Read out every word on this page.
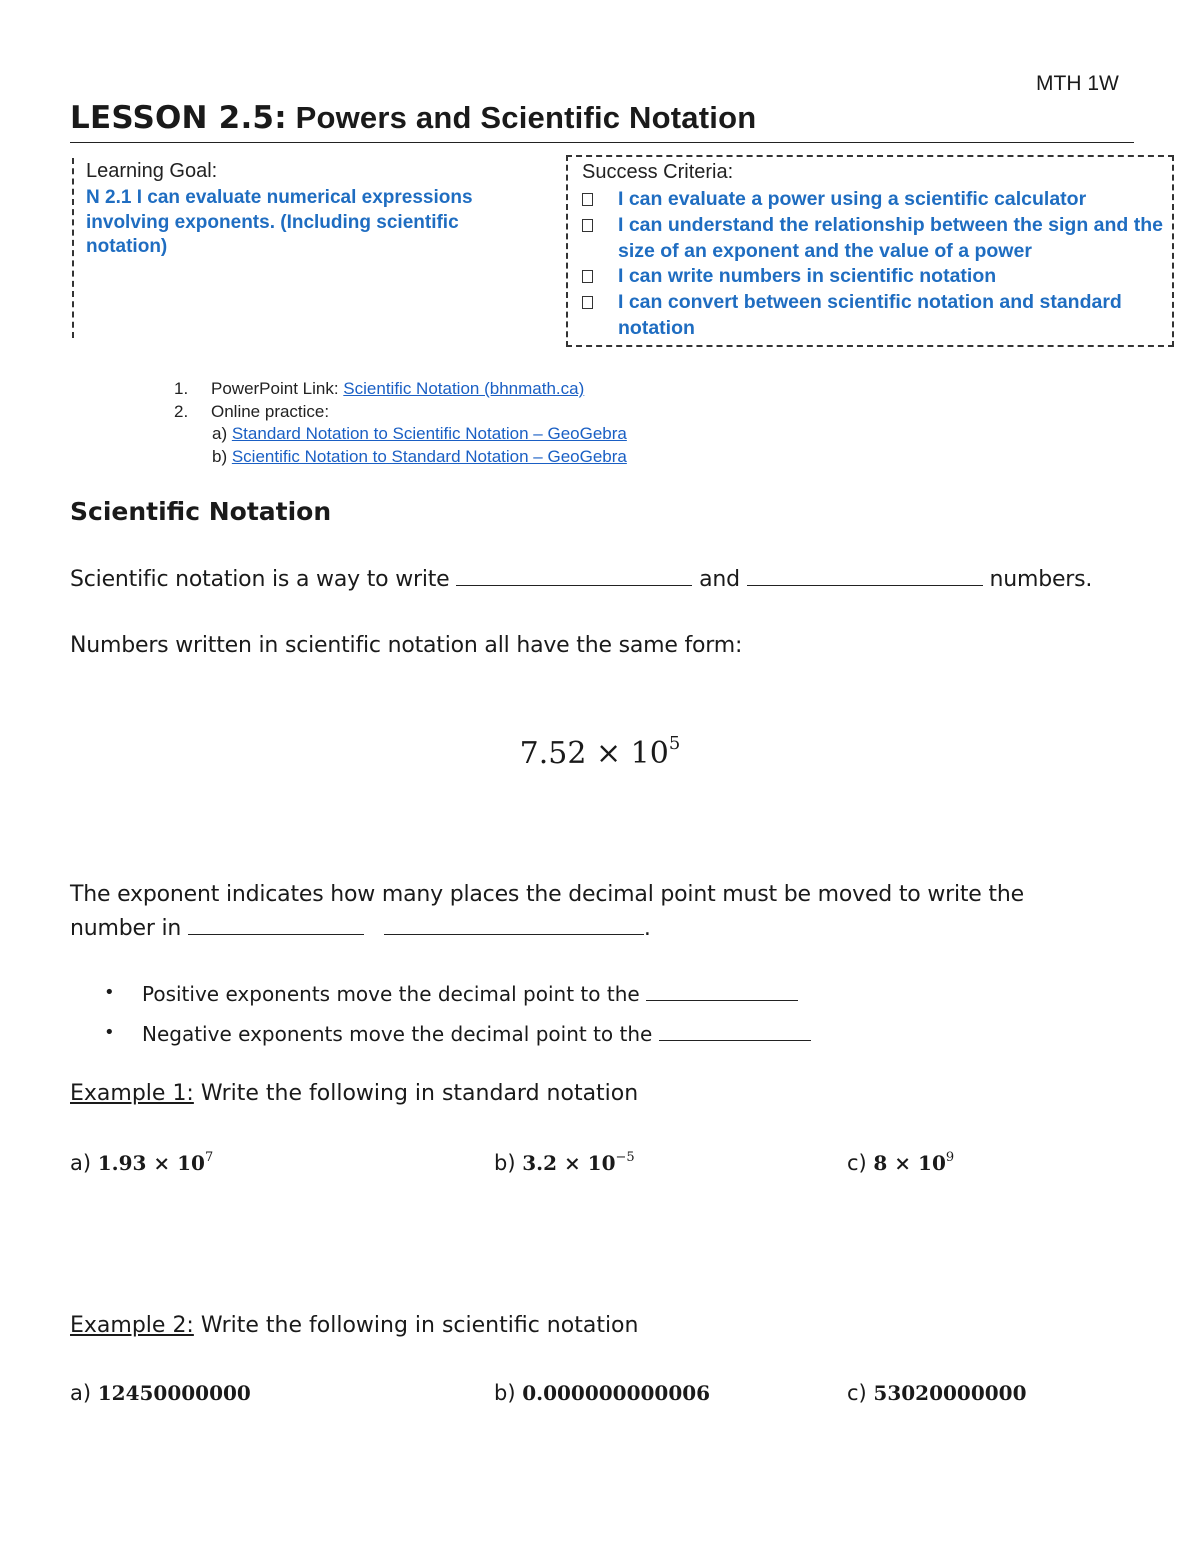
MTH 1W
LESSON 2.5: Powers and Scientific Notation
Learning Goal:
N 2.1 I can evaluate numerical expressions involving exponents. (Including scientific notation)
Success Criteria:
I can evaluate a power using a scientific calculator
I can understand the relationship between the sign and the size of an exponent and the value of a power
I can write numbers in scientific notation
I can convert between scientific notation and standard notation
1. PowerPoint Link: Scientific Notation (bhnmath.ca)
2. Online practice:
a) Standard Notation to Scientific Notation – GeoGebra
b) Scientific Notation to Standard Notation – GeoGebra
Scientific Notation
Scientific notation is a way to write	and	numbers.
Numbers written in scientific notation all have the same form:
$7.52 \times 10^5$
The exponent indicates how many places the decimal point must be moved to write the
number in	.
• Positive exponents move the decimal point to the
• Negative exponents move the decimal point to the
Example 1: Write the following in standard notation
a) $1.93 \times 10^7$	b) $3.2 \times 10^{-5}$	c) $8 \times 10^9$
Example 2: Write the following in scientific notation
a) 12450000000	b) 0.000000000006	c) 53020000000
